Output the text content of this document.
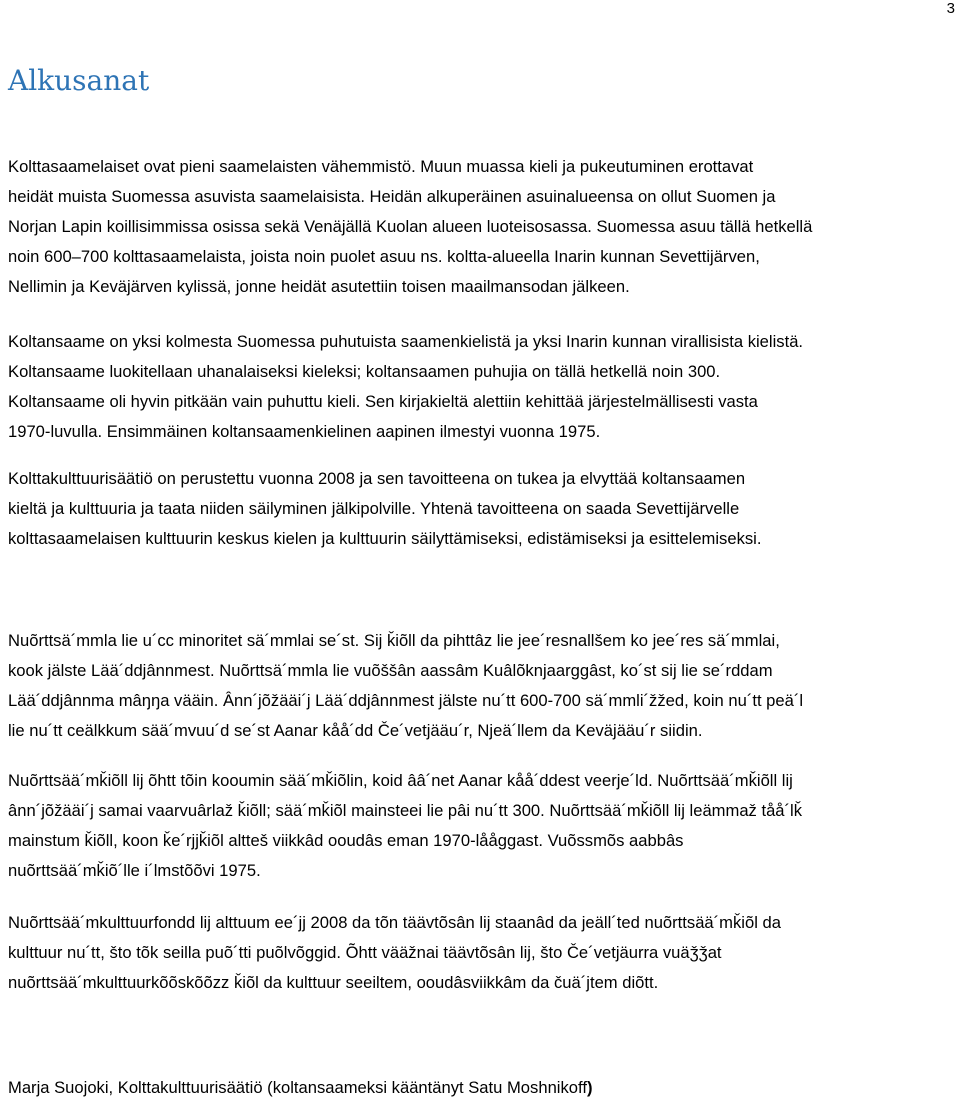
3
Alkusanat
Kolttasaamelaiset ovat pieni saamelaisten vähemmistö. Muun muassa kieli ja pukeutuminen erottavat
heidät muista Suomessa asuvista saamelaisista. Heidän alkuperäinen asuinalueensa on ollut Suomen ja
Norjan Lapin koillisimmissa osissa sekä Venäjällä Kuolan alueen luoteisosassa. Suomessa asuu tällä hetkellä
noin 600–700 kolttasaamelaista, joista noin puolet asuu ns. koltta-alueella Inarin kunnan Sevettijärven,
Nellimin ja Keväjärven kylissä, jonne heidät asutettiin toisen maailmansodan jälkeen.
Koltansaame on yksi kolmesta Suomessa puhutuista saamenkielistä ja yksi Inarin kunnan virallisista kielistä.
Koltansaame luokitellaan uhanalaiseksi kieleksi; koltansaamen puhujia on tällä hetkellä noin 300.
Koltansaame oli hyvin pitkään vain puhuttu kieli. Sen kirjakieltä alettiin kehittää järjestelmällisesti vasta
1970-luvulla. Ensimmäinen koltansaamenkielinen aapinen ilmestyi vuonna 1975.
Kolttakulttuurisäätiö on perustettu vuonna 2008 ja sen tavoitteena on tukea ja elvyttää koltansaamen
kieltä ja kulttuuria ja taata niiden säilyminen jälkipolville. Yhtenä tavoitteena on saada Sevettijärvelle
kolttasaamelaisen kulttuurin keskus kielen ja kulttuurin säilyttämiseksi, edistämiseksi ja esittelemiseksi.
Nuõrttsä´mmla lie u´cc minoritet sä´mmlai se´st. Sij ǩiõll da pihttâz lie jee´resnallšem ko jee´res sä´mmlai,
kook jälste Lää´ddjânnmest. Nuõrttsä´mmla lie vuõššân aassâm Kuâlõknjaarggâst, ko´st sij lie se´rddam
Lää´ddjânnma mâŋŋa vääin. Ânn´jõžääi´j Lää´ddjânnmest jälste nu´tt 600-700 sä´mmli´žžed, koin nu´tt peä´l
lie nu´tt ceälkkum sää´mvuu´d se´st Aanar kåå´dd Če´vetjääu´r, Njeä´llem da Keväjääu´r siidin.
Nuõrttsää´mǩiõll lij õhtt tõin kooumin sää´mǩiõlin, koid ââ´net Aanar kåå´ddest veerje´ld. Nuõrttsää´mǩiõll lij
ânn´jõžääi´j samai vaarvuârlaž ǩiõll; sää´mǩiõl mainsteei lie pâi nu´tt 300. Nuõrttsää´mǩiõll lij leämmaž tåå´lǩ
mainstum ǩiõll, koon ǩe´rjjǩiõl altteš viikkâd ooudâs eman 1970-lååggast. Vuõssmõs aabbâs
nuõrttsää´mǩiõ´lle i´lmstõõvi 1975.
Nuõrttsää´mkulttuurfondd lij alttuum ee´jj 2008 da tõn täävtõsân lij staanâd da jeäll´ted nuõrttsää´mǩiõl da
kulttuur nu´tt, što tõk seilla puõ´tti puõlvõggid. Õhtt vääžnai täävtõsân lij, što Če´vetjäurra vuäǯǯat
nuõrttsää´mkulttuurkõõskõõzz ǩiõl da kulttuur seeiltem, ooudâsviikkâm da čuä´jtem diõtt.
Marja Suojoki, Kolttakulttuurisäätiö (koltansaameksi kääntänyt Satu Moshnikoff)
